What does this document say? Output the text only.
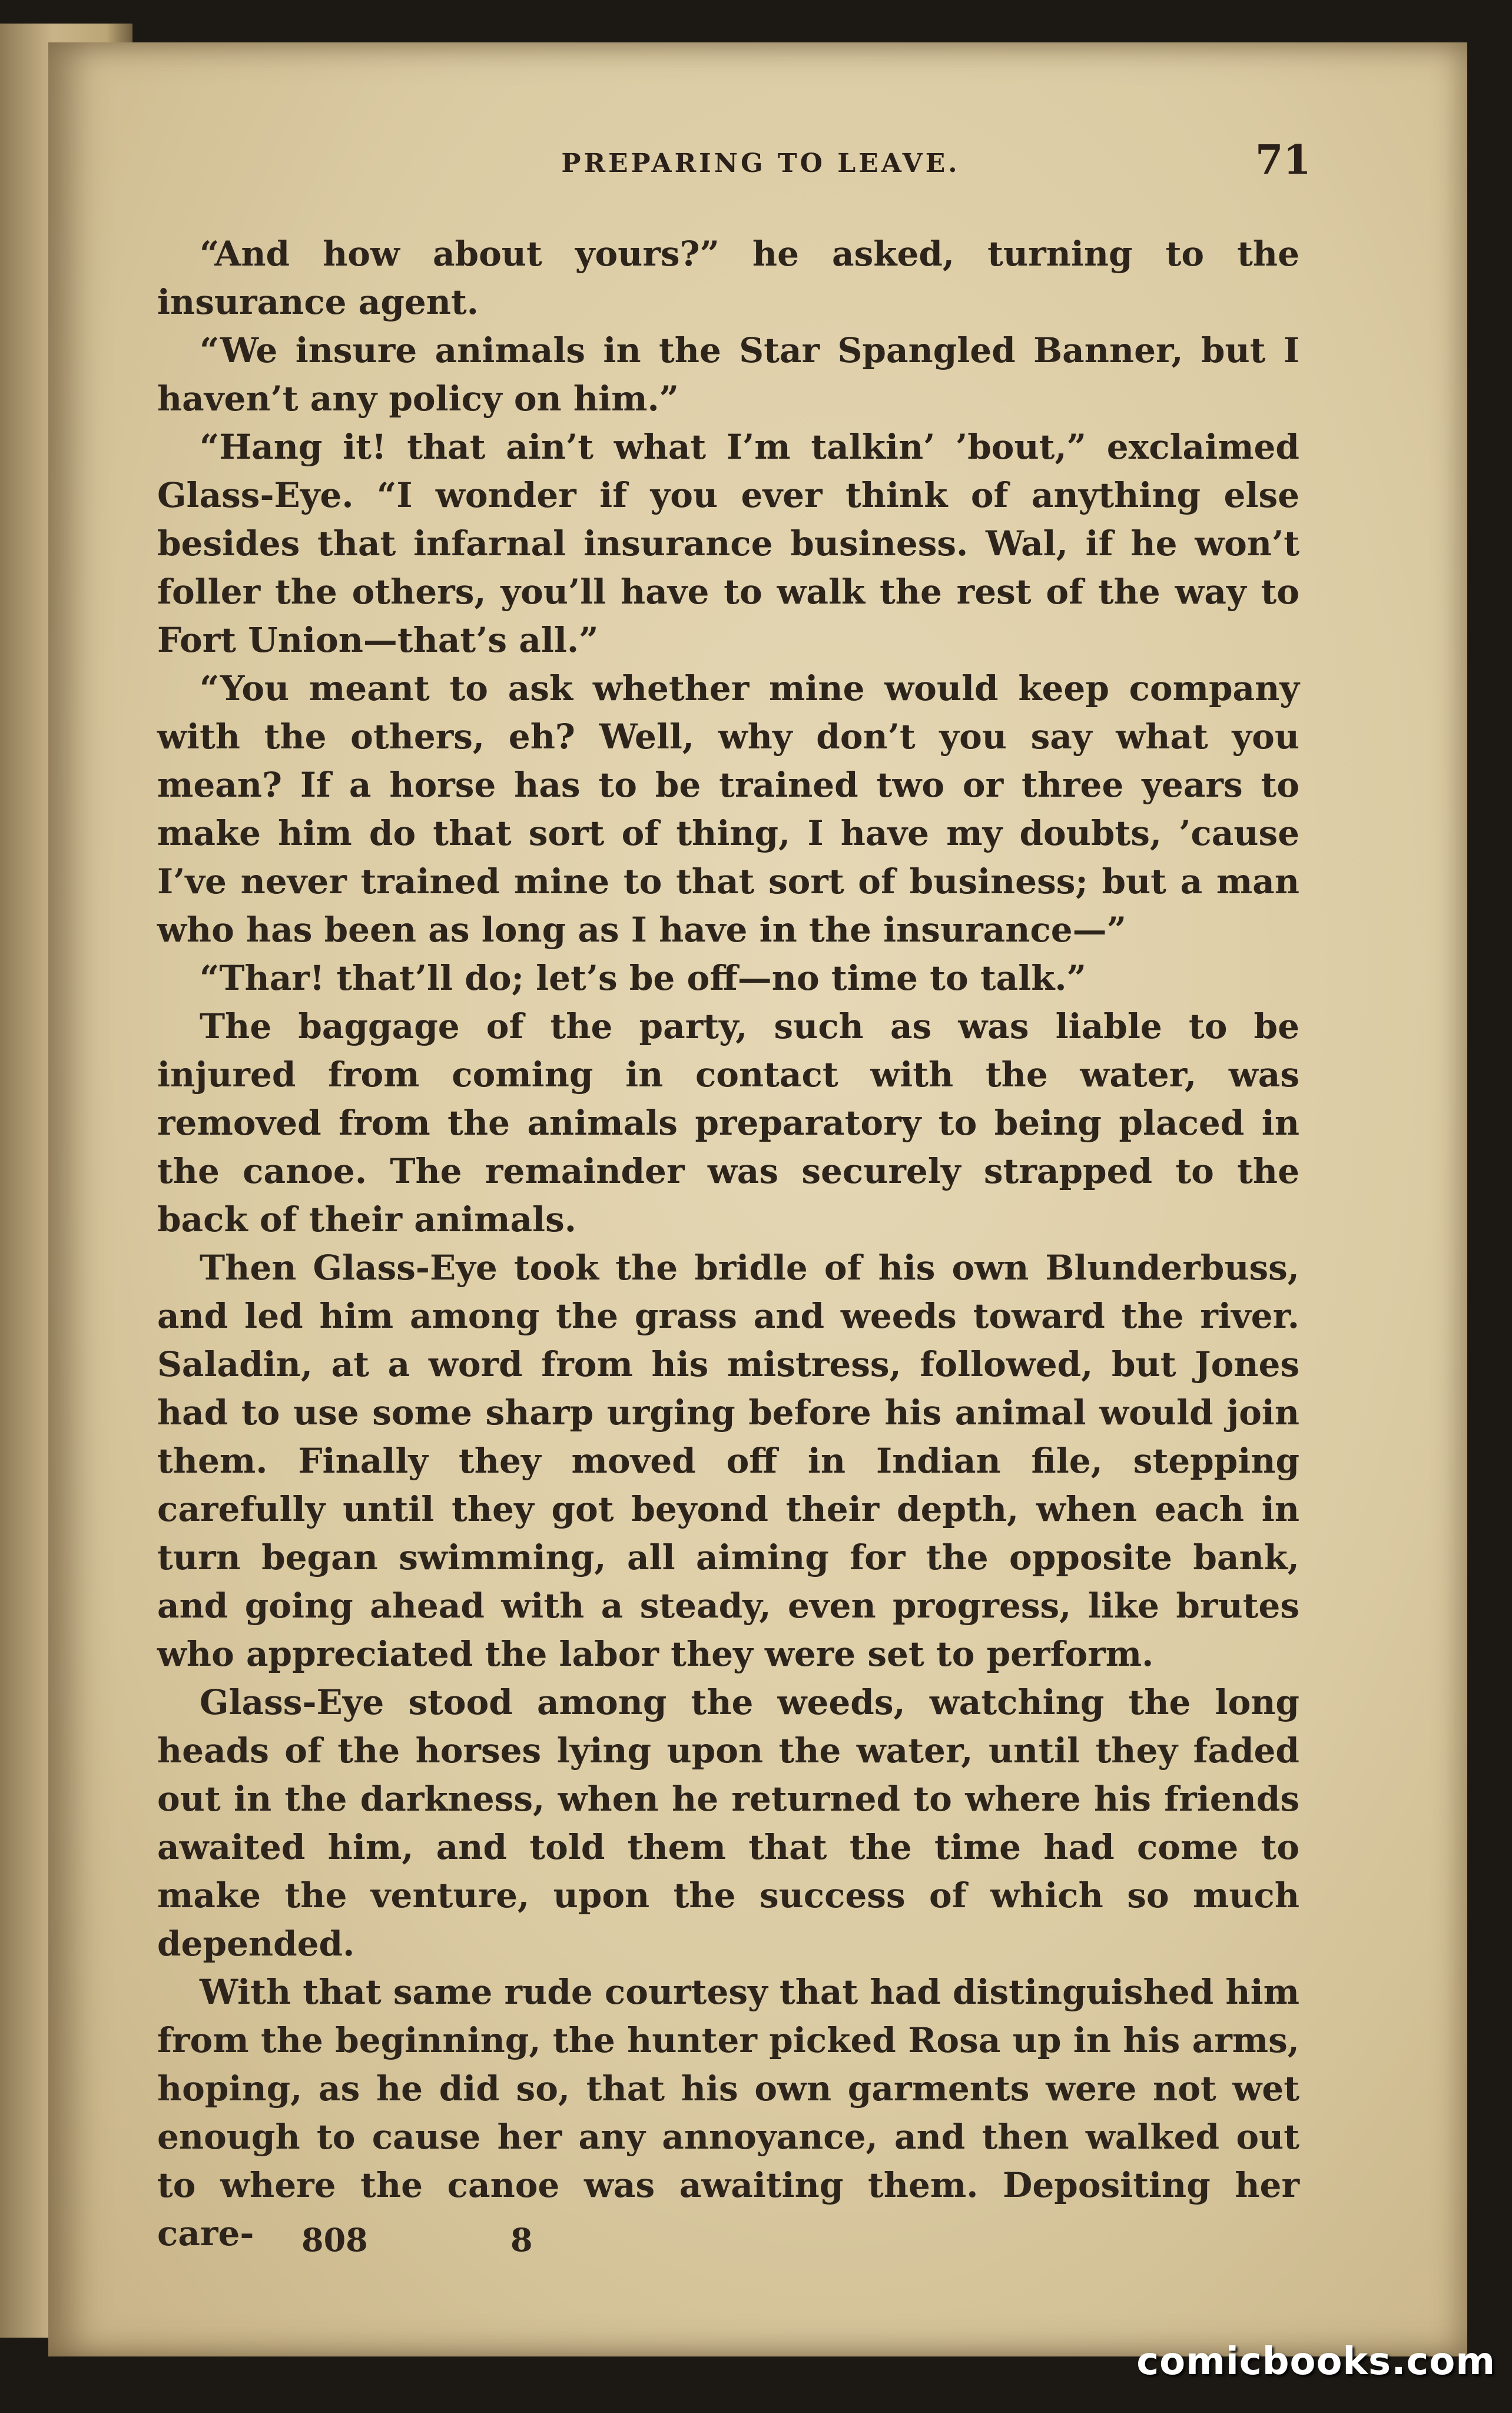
PREPARING TO LEAVE.	71

“And how about yours?” he asked, turning to the insurance agent.

“We insure animals in the Star Spangled Banner, but I haven’t any policy on him.”

“Hang it! that ain’t what I’m talkin’ ’bout,” exclaimed Glass-Eye. “I wonder if you ever think of anything else besides that infarnal insurance business. Wal, if he won’t foller the others, you’ll have to walk the rest of the way to Fort Union—that’s all.”

“You meant to ask whether mine would keep company with the others, eh? Well, why don’t you say what you mean? If a horse has to be trained two or three years to make him do that sort of thing, I have my doubts, ’cause I’ve never trained mine to that sort of business; but a man who has been as long as I have in the insurance—”

“Thar! that’ll do; let’s be off—no time to talk.”

The baggage of the party, such as was liable to be injured from coming in contact with the water, was removed from the animals preparatory to being placed in the canoe. The remainder was securely strapped to the back of their animals.

Then Glass-Eye took the bridle of his own Blunderbuss, and led him among the grass and weeds toward the river. Saladin, at a word from his mistress, followed, but Jones had to use some sharp urging before his animal would join them. Finally they moved off in Indian file, stepping carefully until they got beyond their depth, when each in turn began swimming, all aiming for the opposite bank, and going ahead with a steady, even progress, like brutes who appreciated the labor they were set to perform.

Glass-Eye stood among the weeds, watching the long heads of the horses lying upon the water, until they faded out in the darkness, when he returned to where his friends awaited him, and told them that the time had come to make the venture, upon the success of which so much depended.

With that same rude courtesy that had distinguished him from the beginning, the hunter picked Rosa up in his arms, hoping, as he did so, that his own garments were not wet enough to cause her any annoyance, and then walked out to where the canoe was awaiting them. Depositing her care-	808	8
comicbooks.com
